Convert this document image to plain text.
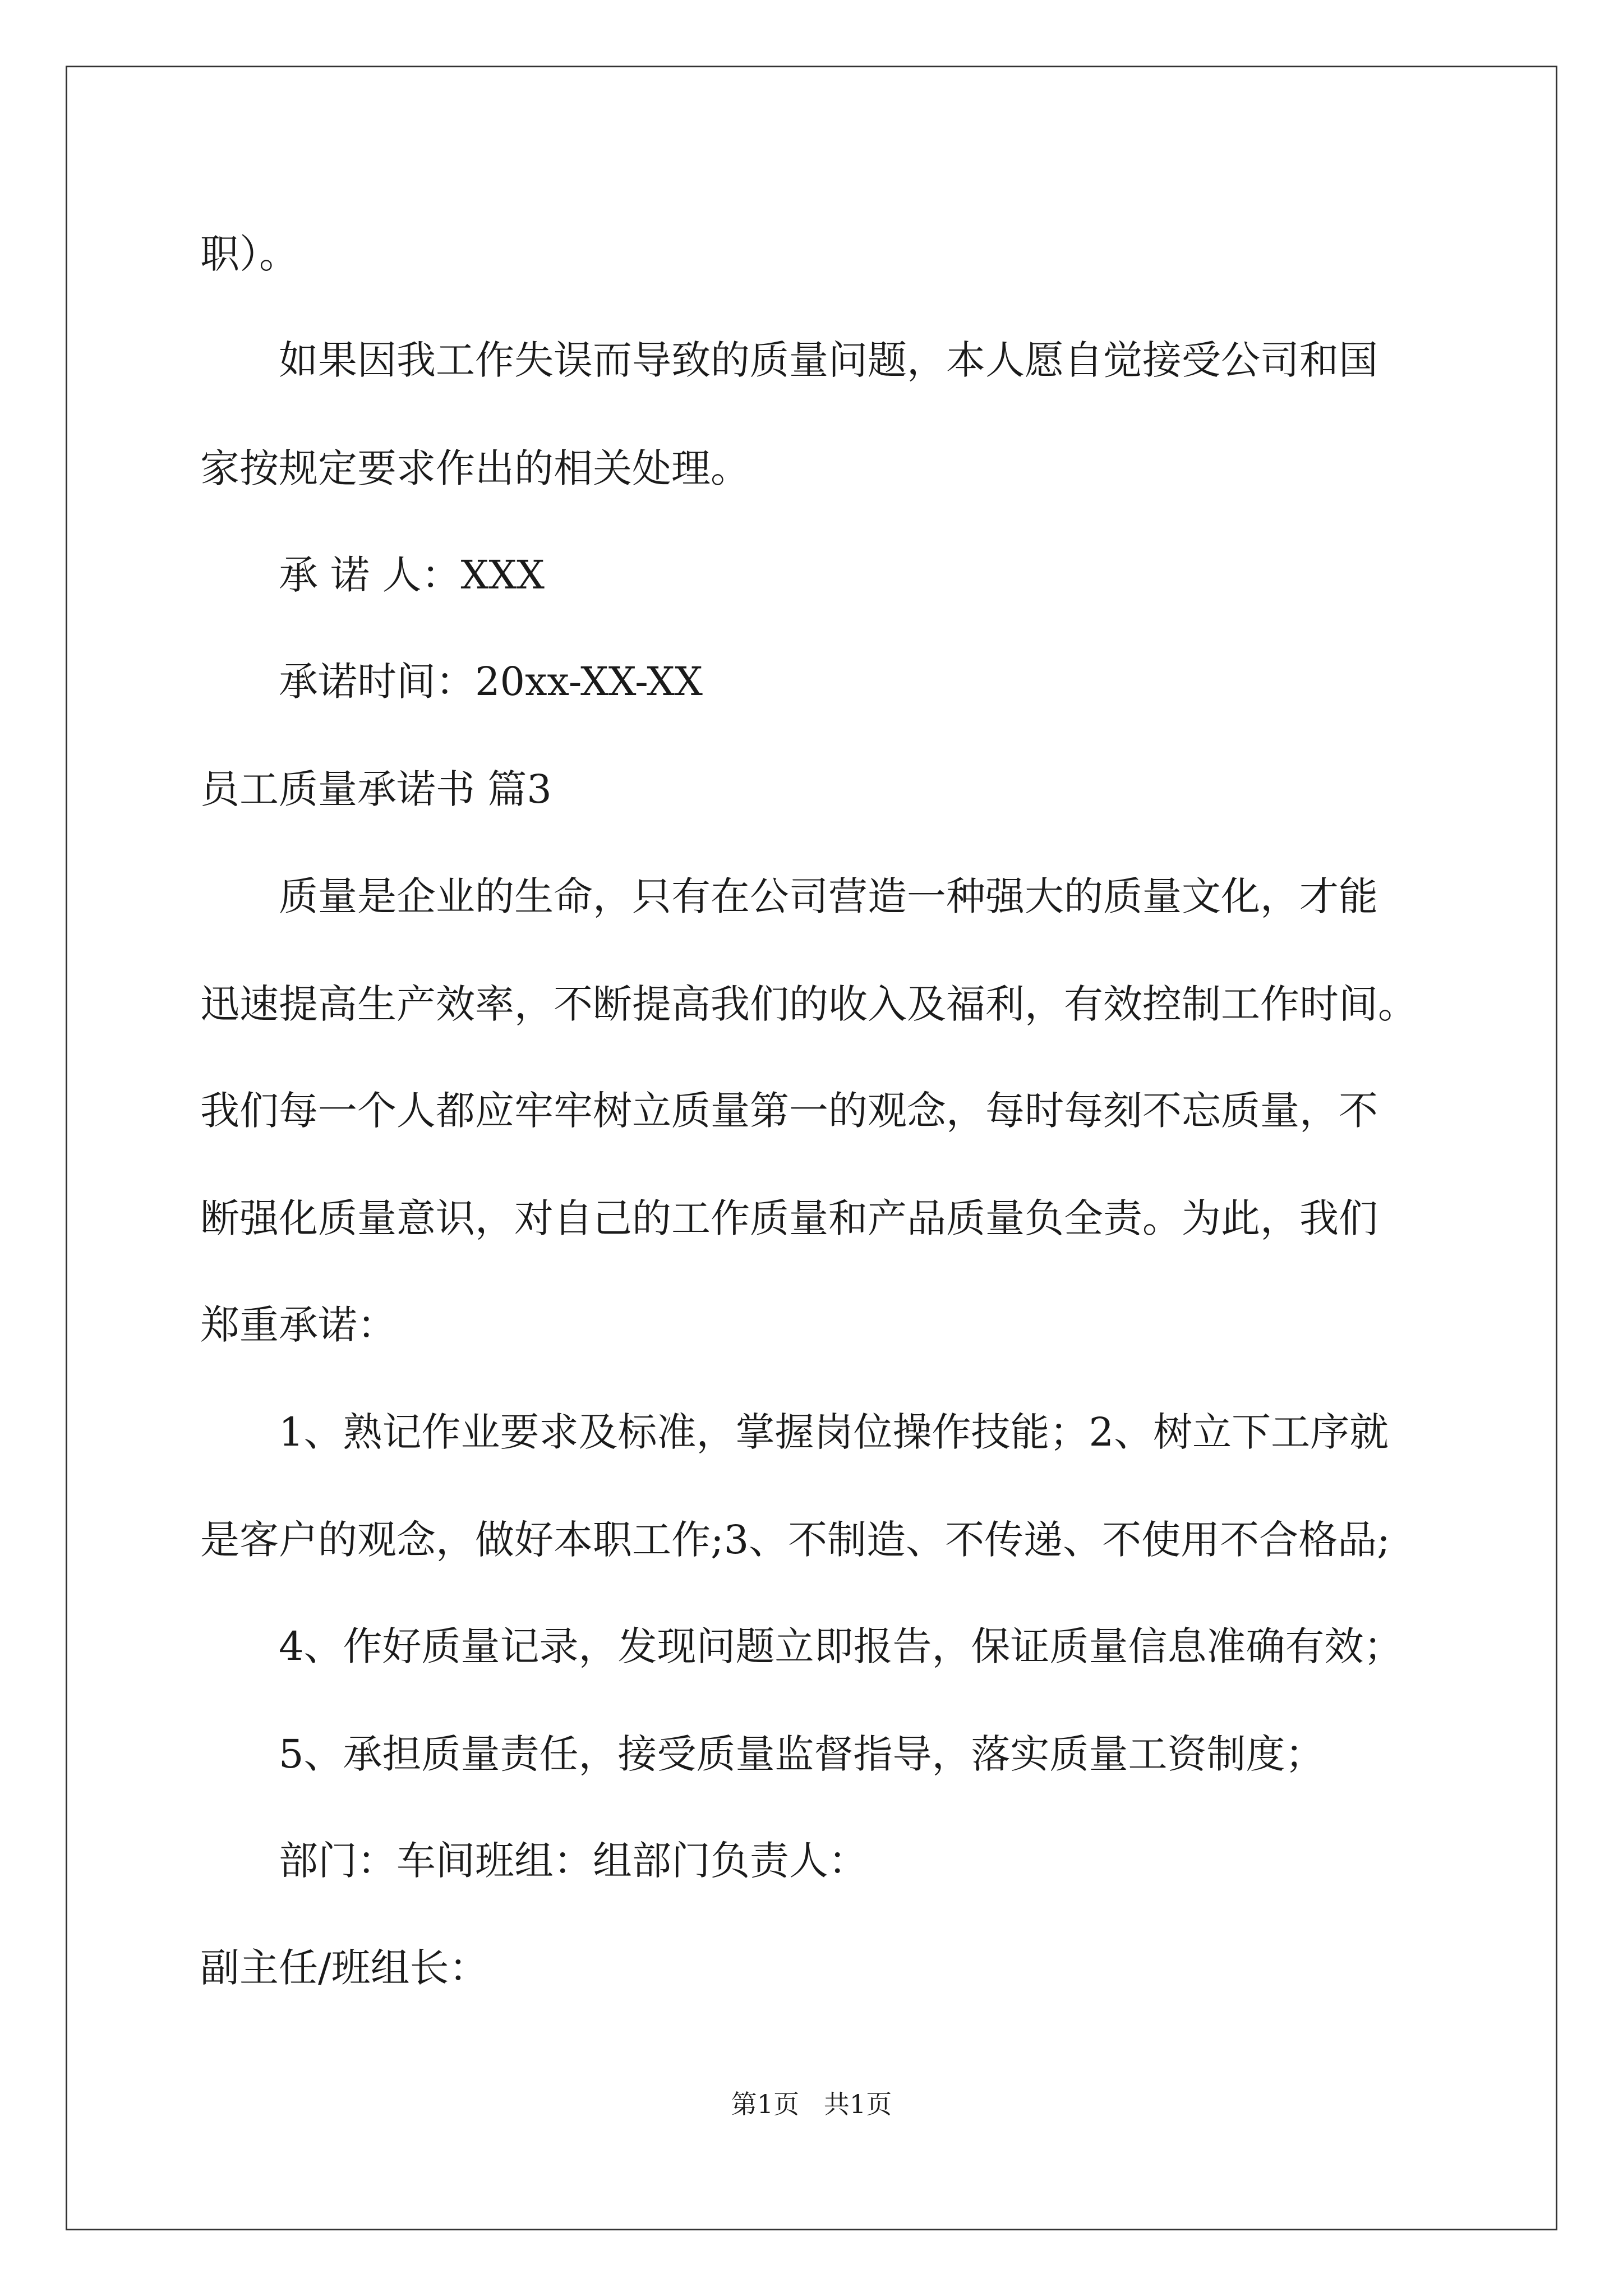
职）。
如果因我工作失误而导致的质量问题，本人愿自觉接受公司和国
家按规定要求作出的相关处理。
承 诺 人：XXX
承诺时间：20xx-XX-XX
员工质量承诺书 篇3
质量是企业的生命，只有在公司营造一种强大的质量文化，才能
迅速提高生产效率，不断提高我们的收入及福利，有效控制工作时间。
我们每一个人都应牢牢树立质量第一的观念，每时每刻不忘质量，不
断强化质量意识，对自己的工作质量和产品质量负全责。为此，我们
郑重承诺：
1、熟记作业要求及标准，掌握岗位操作技能；2、树立下工序就
是客户的观念，做好本职工作;3、不制造、不传递、不使用不合格品;
4、作好质量记录，发现问题立即报告，保证质量信息准确有效；
5、承担质量责任，接受质量监督指导，落实质量工资制度；
部门：车间班组：组部门负责人：
副主任/班组长：
第1页   共1页
